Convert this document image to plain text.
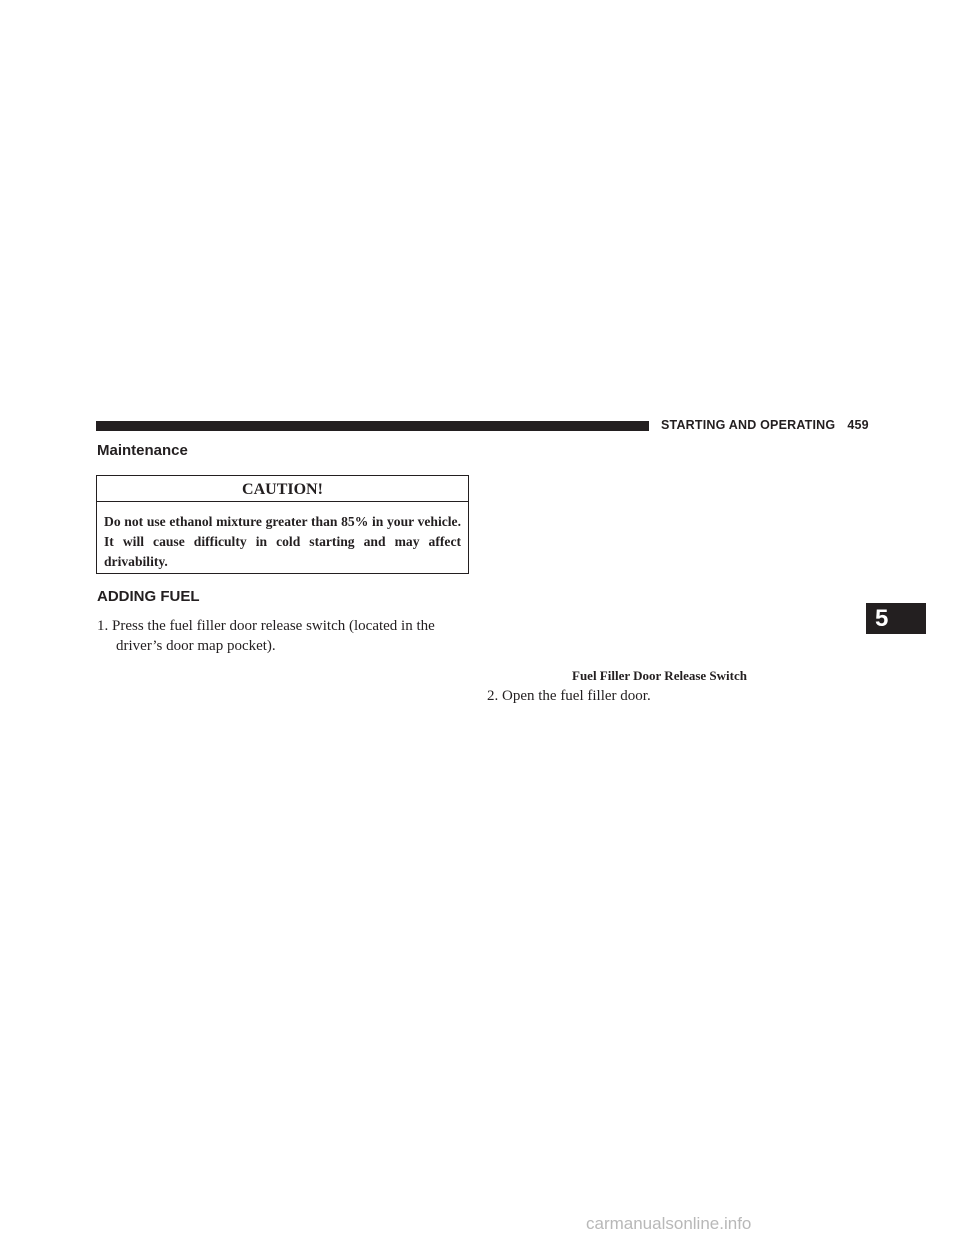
STARTING AND OPERATING 459
Maintenance
CAUTION!
Do not use ethanol mixture greater than 85% in your vehicle. It will cause difficulty in cold starting and may affect drivability.
ADDING FUEL
1. Press the fuel filler door release switch (located in the
driver’s door map pocket).
Fuel Filler Door Release Switch
2. Open the fuel filler door.
5
carmanualsonline.info
